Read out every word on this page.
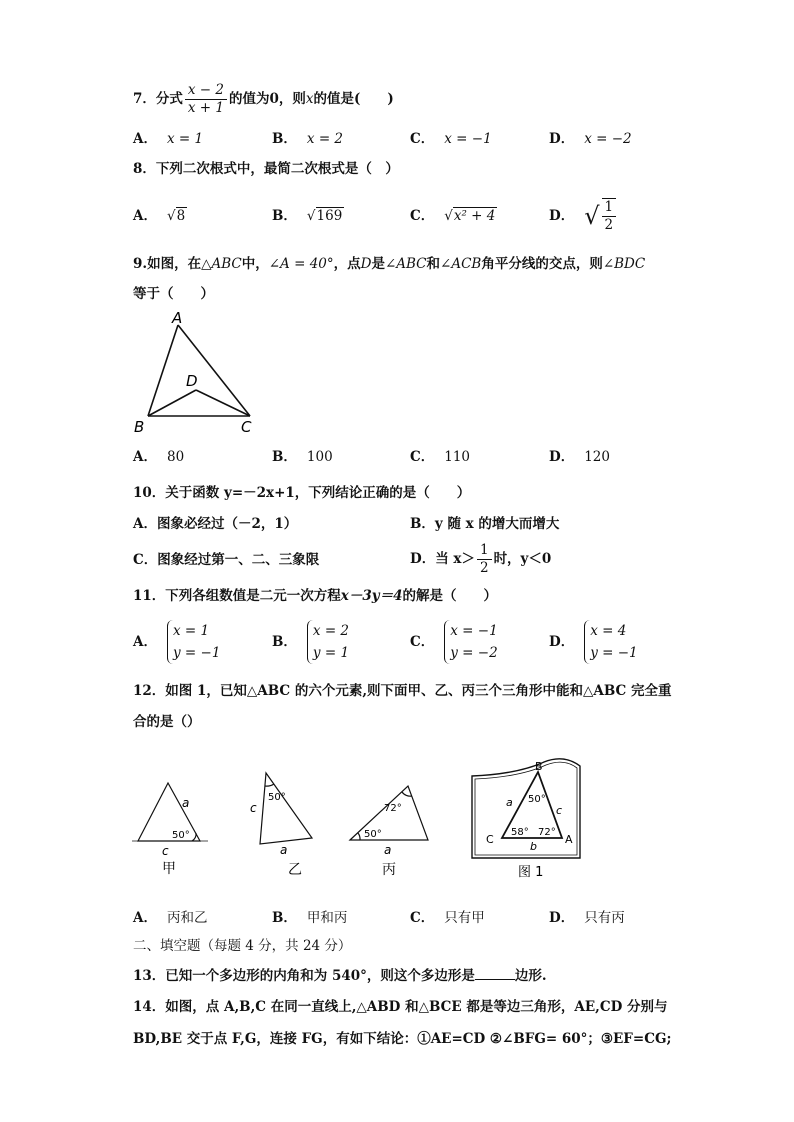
7．分式 $\frac{x - 2}{x + 1}$ 的值为0，则x的值是(　　)
A． x = 1	B． x = 2	C． x = −1	D． x = −2
8．下列二次根式中，最简二次根式是（　）
A． √8	B． √169	C． √x² + 4	D． √ $\frac{1}{2}$
9.如图，在△ABC中，∠A = 40°，点D是∠ABC和∠ACB角平分线的交点，则∠BDC
等于（　　）
A
B	C
D
A． 80	B． 100	C． 110	D． 120
10．关于函数 y=－2x+1，下列结论正确的是（　　）
A．图象必经过（－2，1）	B．y 随 x 的增大而增大
C．图象经过第一、二、三象限	D．当 $x> \frac{1}{2}$ 时，y＜0
11．下列各组数值是二元一次方程x－3y＝4的解是（　　）
A．
x = 1
y = −1
B．
x = 2
y = 1
C．
x = −1
y = −2
D．
x = 4
y = −1
12．如图 1，已知△ABC 的六个元素,则下面甲、乙、丙三个三角形中能和△ABC 完全重
合的是（）
a
c
50°
甲
c
a
50°
乙
72°
50°
a
丙
B
C	A
a
c
b
50°
58° 72°
图 1
A． 丙和乙	B． 甲和丙	C． 只有甲	D． 只有丙
二、填空题（每题 4 分，共 24 分）
13．已知一个多边形的内角和为 540°，则这个多边形是	边形.
14．如图，点 A,B,C 在同一直线上,△ABD 和△BCE 都是等边三角形，AE,CD 分别与
BD,BE 交于点 F,G，连接 FG，有如下结论：①AE=CD ②∠BFG= 60°；③EF=CG;
